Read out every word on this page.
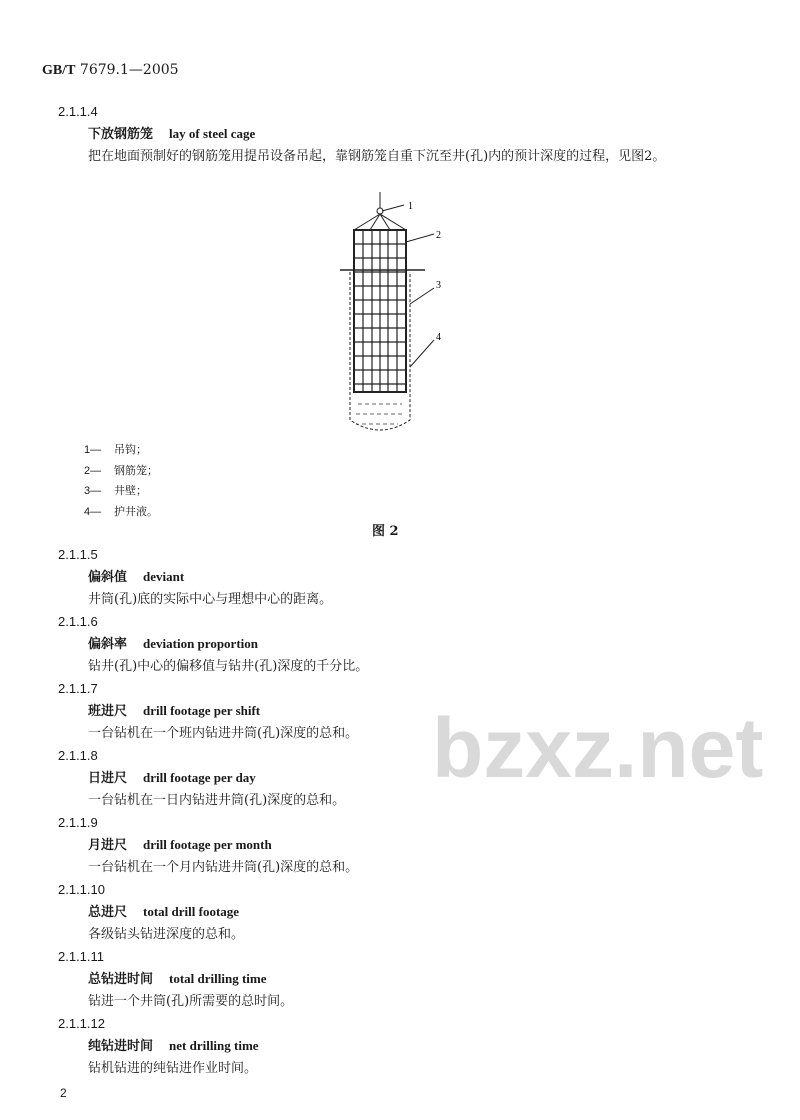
GB/T 7679.1—2005
bzxz.net
2.1.1.4
下放钢筋笼 lay of steel cage
把在地面预制好的钢筋笼用提吊设备吊起，靠钢筋笼自重下沉至井(孔)内的预计深度的过程，见图2。
1
2
3
4
1— 吊钩；
2— 钢筋笼；
3— 井壁；
4— 护井液。
图 2
2.1.1.5
偏斜值 deviant
井筒(孔)底的实际中心与理想中心的距离。
2.1.1.6
偏斜率 deviation proportion
钻井(孔)中心的偏移值与钻井(孔)深度的千分比。
2.1.1.7
班进尺 drill footage per shift
一台钻机在一个班内钻进井筒(孔)深度的总和。
2.1.1.8
日进尺 drill footage per day
一台钻机在一日内钻进井筒(孔)深度的总和。
2.1.1.9
月进尺 drill footage per month
一台钻机在一个月内钻进井筒(孔)深度的总和。
2.1.1.10
总进尺 total drill footage
各级钻头钻进深度的总和。
2.1.1.11
总钻进时间 total drilling time
钻进一个井筒(孔)所需要的总时间。
2.1.1.12
纯钻进时间 net drilling time
钻机钻进的纯钻进作业时间。
2
